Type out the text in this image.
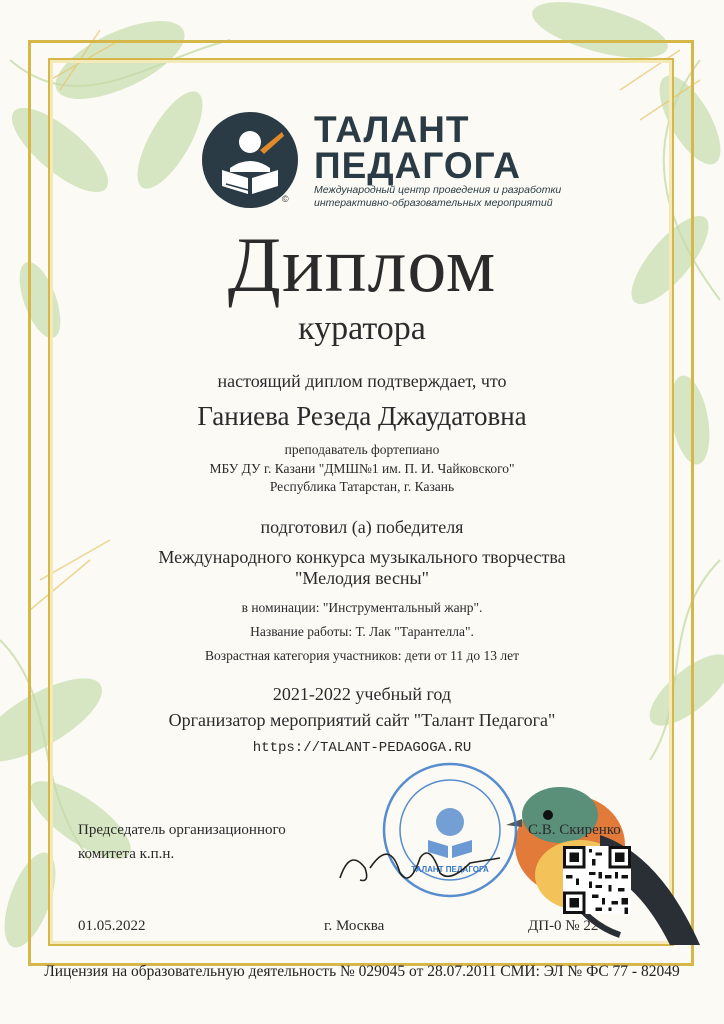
ТАЛАНТ
ПЕДАГОГА
Международный центр проведения и разработки интерактивно-образовательных мероприятий
©
Диплом
куратора
настоящий диплом подтверждает, что
Ганиева Резеда Джаудатовна
преподаватель фортепиано
МБУ ДУ г. Казани "ДМШ№1 им. П. И. Чайковского"
Республика Татарстан, г. Казань
подготовил (а) победителя
Международного конкурса музыкального творчества
"Мелодия весны"
в номинации: "Инструментальный жанр".
Название работы: Т. Лак "Тарантелла".
Возрастная категория участников: дети от 11 до 13 лет
2021-2022 учебный год
Организатор мероприятий сайт "Талант Педагога"
https://TALANT-PEDAGOGA.RU
ТАЛАНТ ПЕДАГОГА
Председатель организационного
комитета к.п.н.
С.В. Скиренко
01.05.2022	г. Москва	ДП-0 № 22
Лицензия на образовательную деятельность № 029045 от 28.07.2011 СМИ: ЭЛ № ФС 77 - 82049
